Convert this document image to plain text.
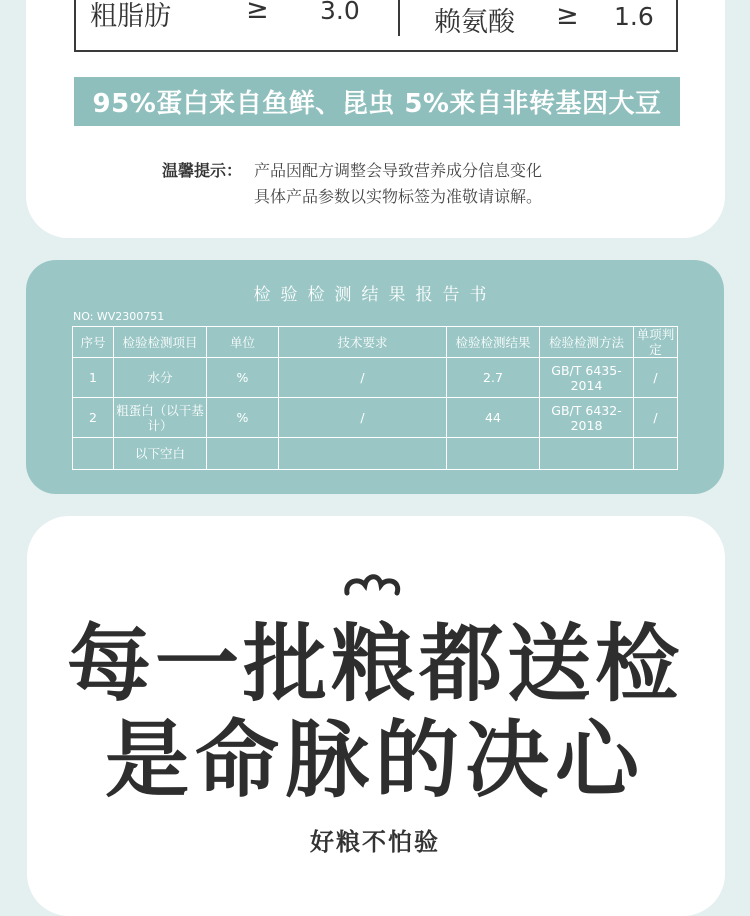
粗脂肪	≥ 3.0	赖氨酸 ≥ 1.6
95%蛋白来自鱼鲜、昆虫 5%来自非转基因大豆
温馨提示： 产品因配方调整会导致营养成分信息变化
具体产品参数以实物标签为准敬请谅解。
检验检测结果报告书
NO: WV2300751
序号	检验检测项目	单位	技术要求	检验检测结果	检验检测方法	单项判定
1	水分	%	/	2.7	GB/T 6435-2014	/
2	粗蛋白（以干基计）	%	/	44	GB/T 6432-2018	/
	以下空白					
每一批粮都送检
是命脉的决心
好粮不怕验
